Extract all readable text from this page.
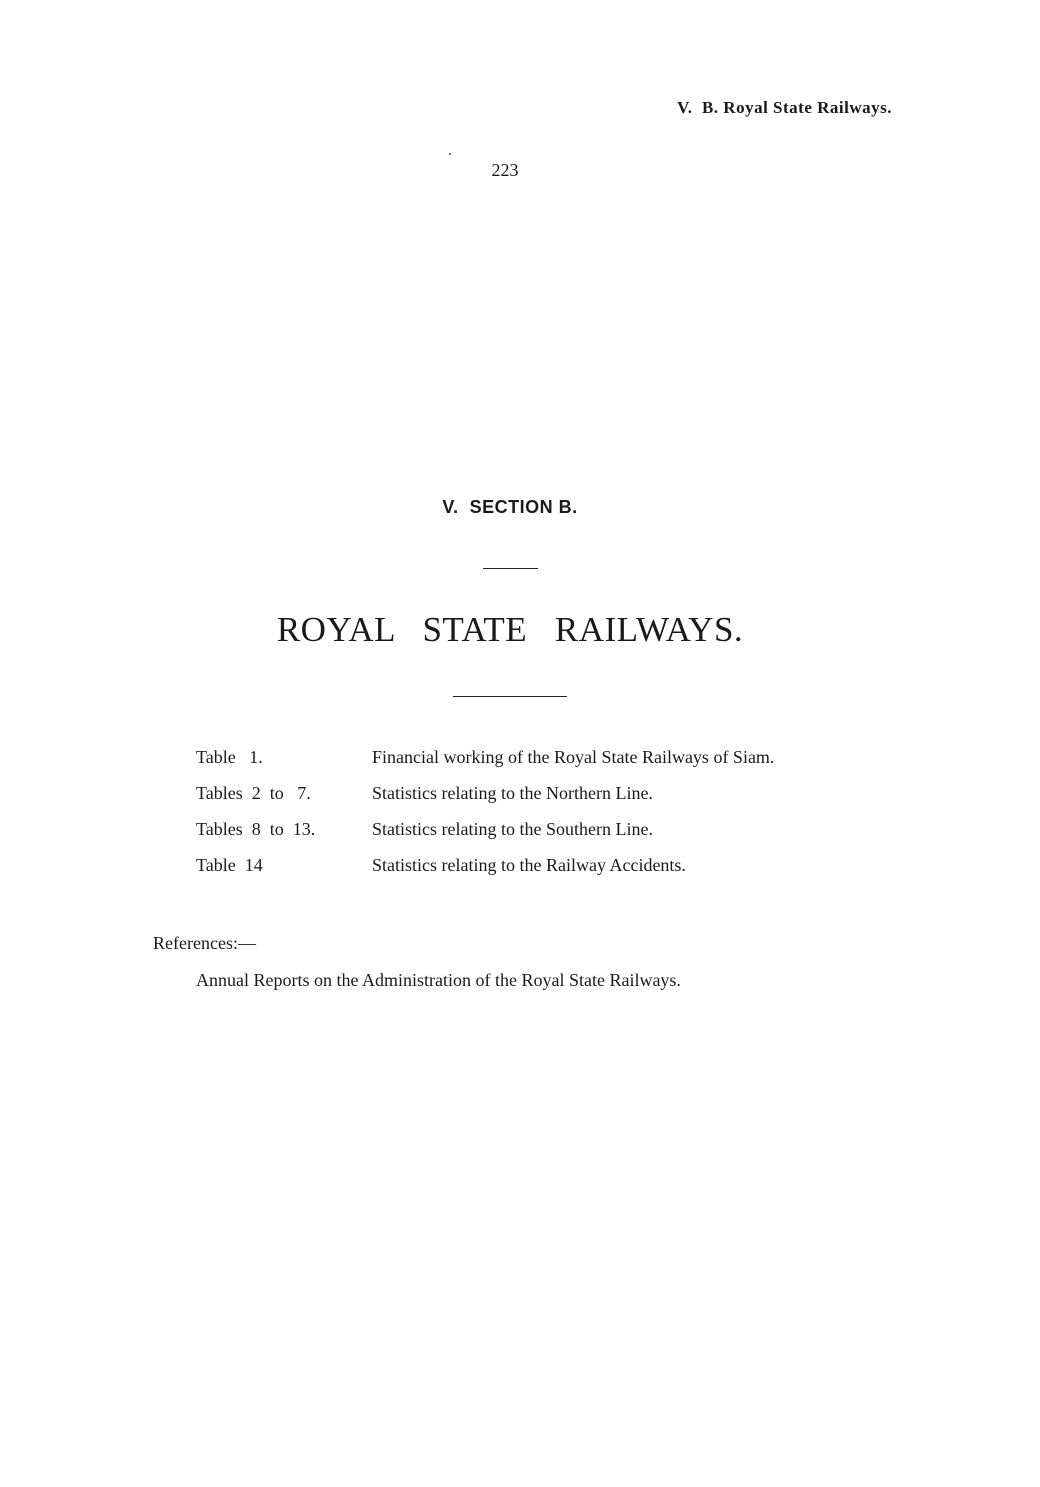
V.  B. Royal State Railways.
223
V.  SECTION B.
ROYAL   STATE   RAILWAYS.
Table   1.	Financial working of the Royal State Railways of Siam.
Tables  2  to   7.	Statistics relating to the Northern Line.
Tables  8  to  13.	Statistics relating to the Southern Line.
Table  14	Statistics relating to the Railway Accidents.
References:—
Annual Reports on the Administration of the Royal State Railways.
